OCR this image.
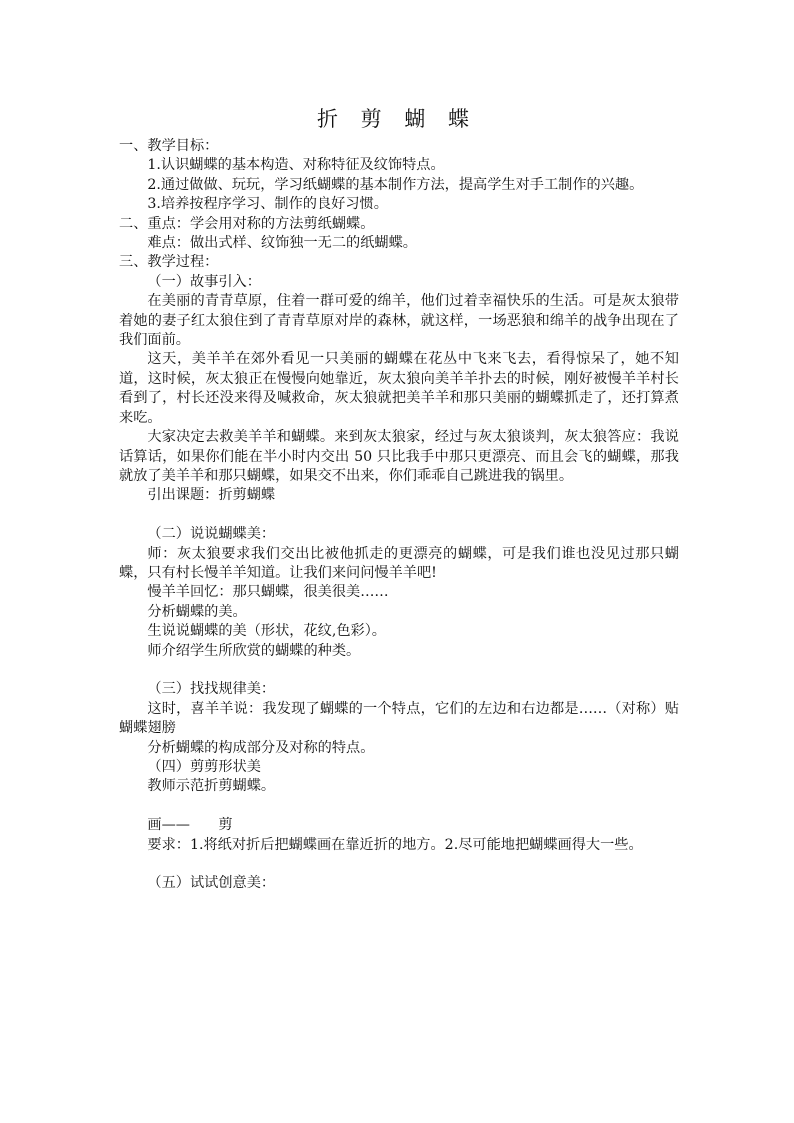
折 剪 蝴 蝶

一、教学目标：

1.认识蝴蝶的基本构造、对称特征及纹饰特点。

2.通过做做、玩玩，学习纸蝴蝶的基本制作方法，提高学生对手工制作的兴趣。

3.培养按程序学习、制作的良好习惯。

二、重点：学会用对称的方法剪纸蝴蝶。

难点：做出式样、纹饰独一无二的纸蝴蝶。

三、教学过程：

（一）故事引入：

在美丽的青青草原，住着一群可爱的绵羊，他们过着幸福快乐的生活。可是灰太狼带着她的妻子红太狼住到了青青草原对岸的森林，就这样，一场恶狼和绵羊的战争出现在了我们面前。

这天，美羊羊在郊外看见一只美丽的蝴蝶在花丛中飞来飞去，看得惊呆了，她不知道，这时候，灰太狼正在慢慢向她靠近，灰太狼向美羊羊扑去的时候，刚好被慢羊羊村长看到了，村长还没来得及喊救命，灰太狼就把美羊羊和那只美丽的蝴蝶抓走了，还打算煮来吃。

大家决定去救美羊羊和蝴蝶。来到灰太狼家，经过与灰太狼谈判，灰太狼答应：我说话算话，如果你们能在半小时内交出 50 只比我手中那只更漂亮、而且会飞的蝴蝶，那我就放了美羊羊和那只蝴蝶，如果交不出来，你们乖乖自己跳进我的锅里。

引出课题：折剪蝴蝶

（二）说说蝴蝶美：

师：灰太狼要求我们交出比被他抓走的更漂亮的蝴蝶，可是我们谁也没见过那只蝴蝶，只有村长慢羊羊知道。让我们来问问慢羊羊吧!

慢羊羊回忆：那只蝴蝶，很美很美……

分析蝴蝶的美。

生说说蝴蝶的美（形状，花纹,色彩）。

师介绍学生所欣赏的蝴蝶的种类。

（三）找找规律美：

这时，喜羊羊说：我发现了蝴蝶的一个特点，它们的左边和右边都是……（对称）贴蝴蝶翅膀

分析蝴蝶的构成部分及对称的特点。

（四）剪剪形状美

教师示范折剪蝴蝶。

画——　　剪

要求：1.将纸对折后把蝴蝶画在靠近折的地方。2.尽可能地把蝴蝶画得大一些。

（五）试试创意美：
